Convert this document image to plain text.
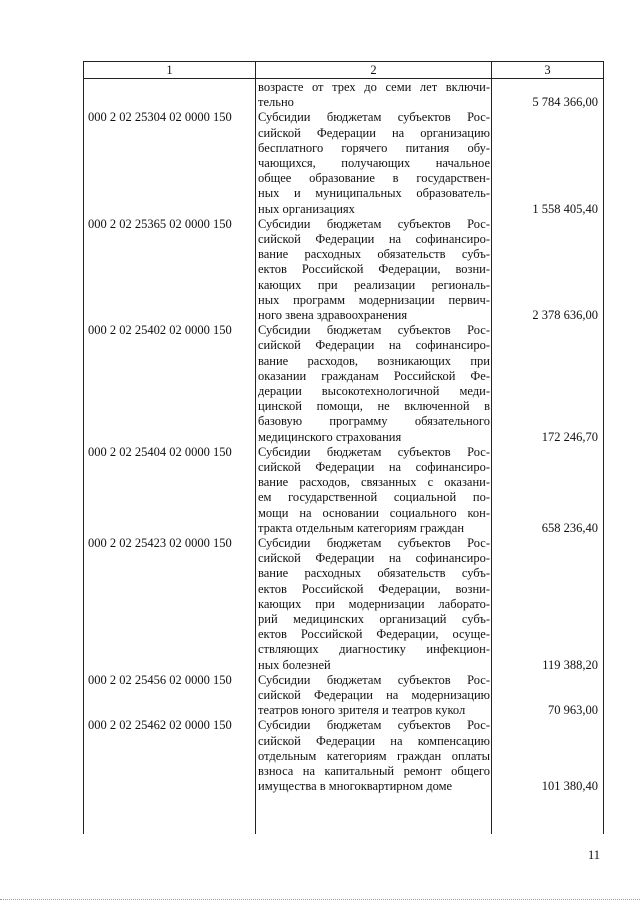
1	2	3
возрасте от трех до семи лет включи-
тельно	5 784 366,00
000 2 02 25304 02 0000 150 Субсидии бюджетам субъектов Рос-
сийской Федерации на организацию
бесплатного горячего питания обу-
чающихся, получающих начальное
общее образование в государствен-
ных и муниципальных образователь-
ных организациях	1 558 405,40
000 2 02 25365 02 0000 150 Субсидии бюджетам субъектов Рос-
сийской Федерации на софинансиро-
вание расходных обязательств субъ-
ектов Российской Федерации, возни-
кающих при реализации региональ-
ных программ модернизации первич-
ного звена здравоохранения	2 378 636,00
000 2 02 25402 02 0000 150 Субсидии бюджетам субъектов Рос-
сийской Федерации на софинансиро-
вание расходов, возникающих при
оказании гражданам Российской Фе-
дерации высокотехнологичной меди-
цинской помощи, не включенной в
базовую программу обязательного
медицинского страхования	172 246,70
000 2 02 25404 02 0000 150 Субсидии бюджетам субъектов Рос-
сийской Федерации на софинансиро-
вание расходов, связанных с оказани-
ем государственной социальной по-
мощи на основании социального кон-
тракта отдельным категориям граждан	658 236,40
000 2 02 25423 02 0000 150 Субсидии бюджетам субъектов Рос-
сийской Федерации на софинансиро-
вание расходных обязательств субъ-
ектов Российской Федерации, возни-
кающих при модернизации лаборато-
рий медицинских организаций субъ-
ектов Российской Федерации, осуще-
ствляющих диагностику инфекцион-
ных болезней	119 388,20
000 2 02 25456 02 0000 150 Субсидии бюджетам субъектов Рос-
сийской Федерации на модернизацию
театров юного зрителя и театров кукол	70 963,00
000 2 02 25462 02 0000 150 Субсидии бюджетам субъектов Рос-
сийской Федерации на компенсацию
отдельным категориям граждан оплаты
взноса на капитальный ремонт общего
имущества в многоквартирном доме	101 380,40
11
